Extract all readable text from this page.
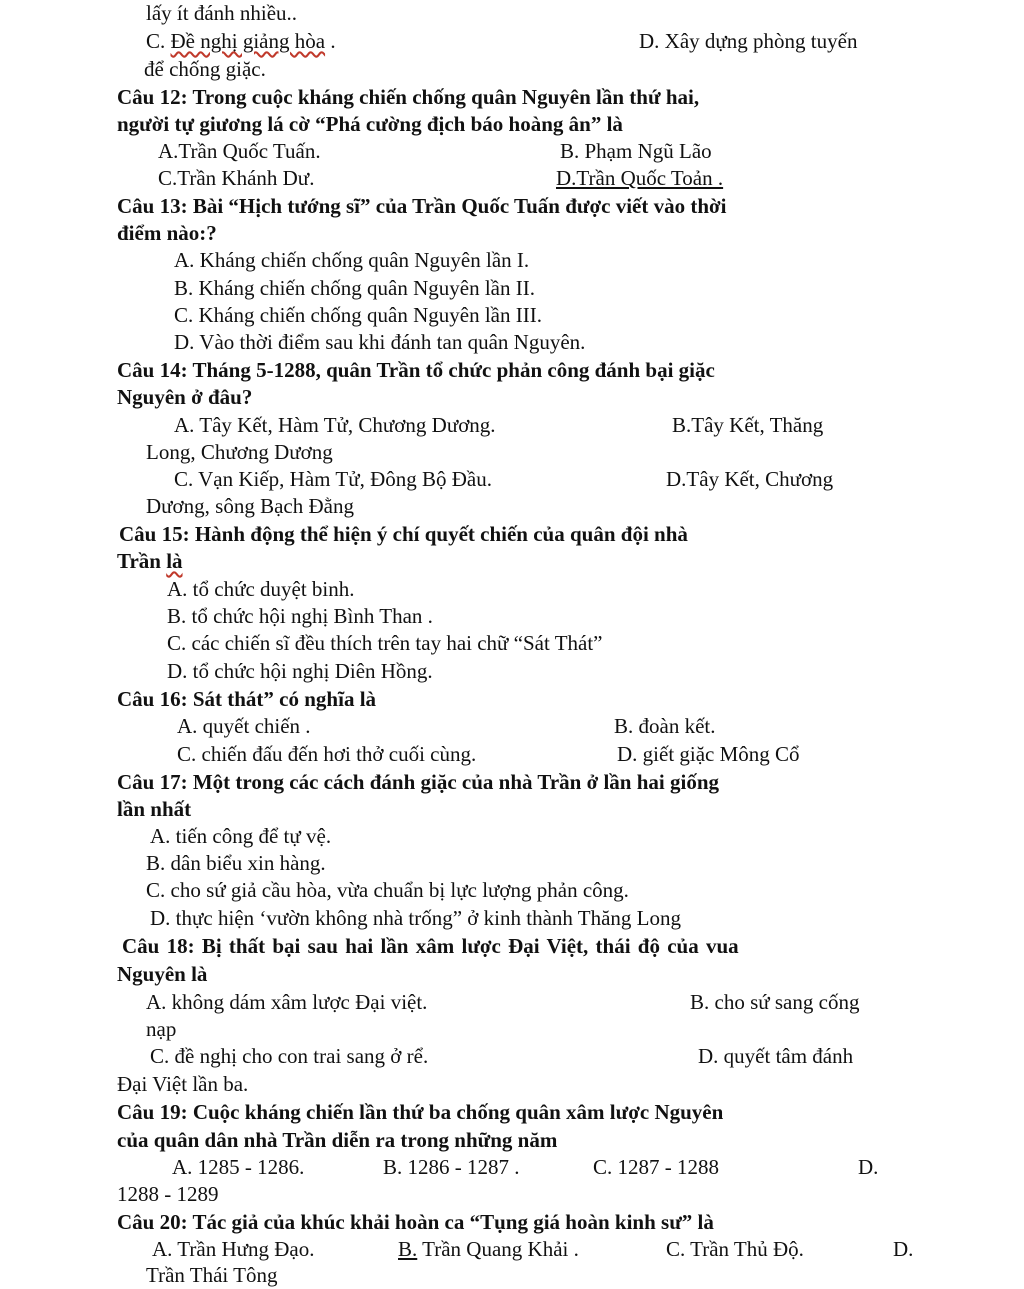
lấy ít đánh nhiều..
C. Đề nghị giảng hòa .	D. Xây dựng phòng tuyến
để chống giặc.
Câu 12: Trong cuộc kháng chiến chống quân Nguyên lần thứ hai,
người tự giương lá cờ “Phá cường địch báo hoàng ân” là
A.Trần Quốc Tuấn.	B. Phạm Ngũ Lão
C.Trần Khánh Dư.	D.Trần Quốc Toản .
Câu 13: Bài “Hịch tướng sĩ” của Trần Quốc Tuấn được viết vào thời
điểm nào:?
A. Kháng chiến chống quân Nguyên lần I.
B. Kháng chiến chống quân Nguyên lần II.
C. Kháng chiến chống quân Nguyên lần III.
D. Vào thời điểm sau khi đánh tan quân Nguyên.
Câu 14: Tháng 5-1288, quân Trần tổ chức phản công đánh bại giặc
Nguyên ở đâu?
A. Tây Kết, Hàm Tử, Chương Dương.	B.Tây Kết, Thăng
Long, Chương Dương
C. Vạn Kiếp, Hàm Tử, Đông Bộ Đầu.	D.Tây Kết, Chương
Dương, sông Bạch Đằng
Câu 15: Hành động thể hiện ý chí quyết chiến của quân đội nhà
Trần là
A. tổ chức duyệt binh.
B. tổ chức hội nghị Bình Than .
C. các chiến sĩ đều thích trên tay hai chữ “Sát Thát”
D. tổ chức hội nghị Diên Hồng.
Câu 16: Sát thát” có nghĩa là
A. quyết chiến .	B. đoàn kết.
C. chiến đấu đến hơi thở cuối cùng.	D. giết giặc Mông Cổ
Câu 17: Một trong các cách đánh giặc của nhà Trần ở lần hai giống
lần nhất
A. tiến công để tự vệ.
B. dân biểu xin hàng.
C. cho sứ giả cầu hòa, vừa chuẩn bị lực lượng phản công.
D. thực hiện ‘vườn không nhà trống” ở kinh thành Thăng Long
Câu 18: Bị thất bại sau hai lần xâm lược Đại Việt, thái độ của vua
Nguyên là
A. không dám xâm lược Đại việt.	B. cho sứ sang cống
nạp
C. đề nghị cho con trai sang ở rể.	D. quyết tâm đánh
Đại Việt lần ba.
Câu 19: Cuộc kháng chiến lần thứ ba chống quân xâm lược Nguyên
của quân dân nhà Trần diễn ra trong những năm
A. 1285 - 1286.	B. 1286 - 1287 .	C. 1287 - 1288	D.
1288 - 1289
Câu 20: Tác giả của khúc khải hoàn ca “Tụng giá hoàn kinh sư” là
A. Trần Hưng Đạo.	B. Trần Quang Khải .	C. Trần Thủ Độ.	D.
Trần Thái Tông
